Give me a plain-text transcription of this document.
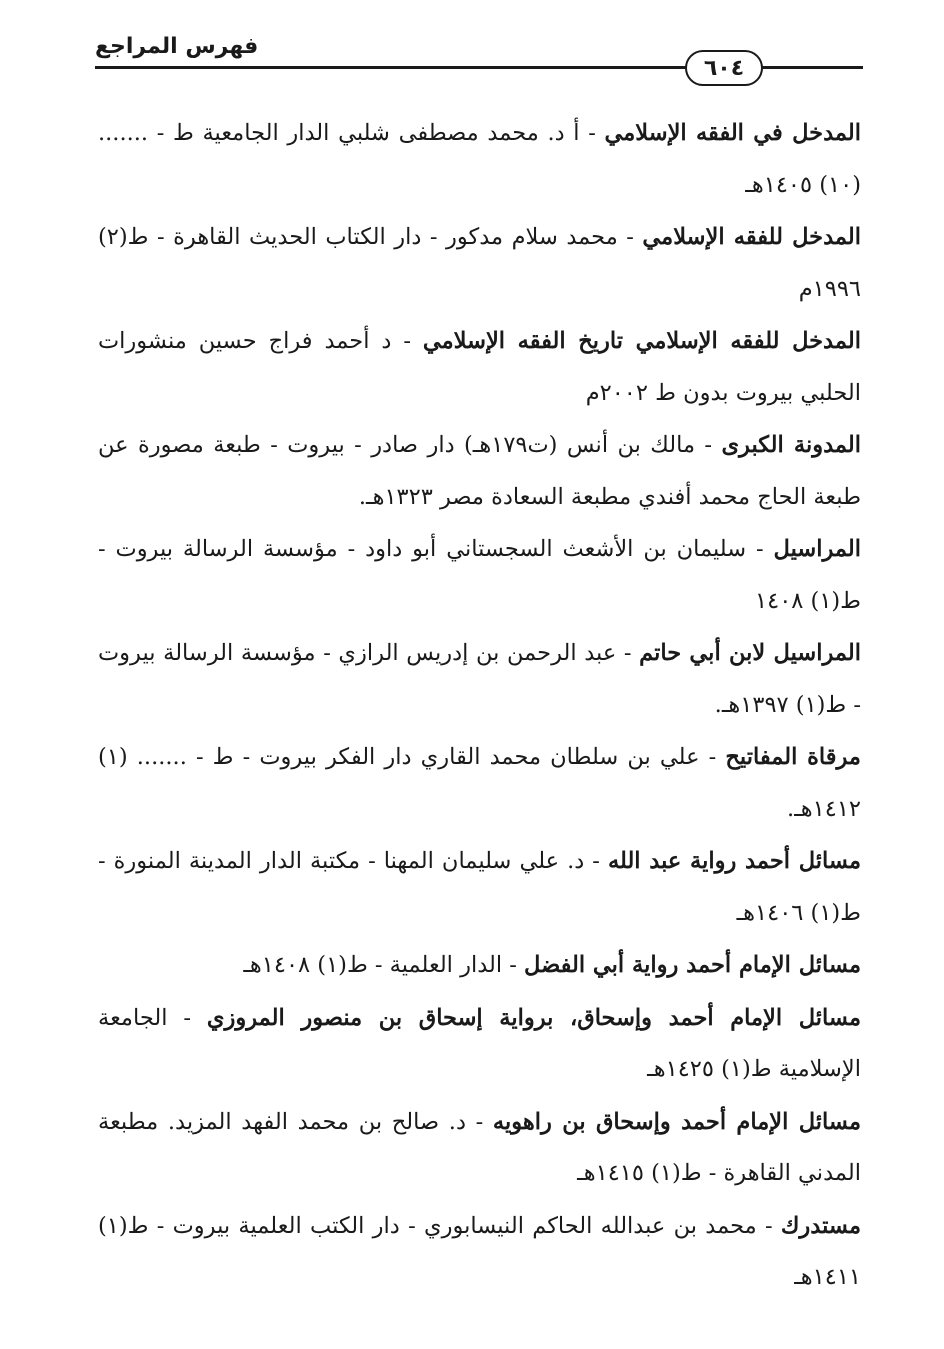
فهرس المراجع
٦٠٤
المدخل في الفقه الإسلامي - أ د. محمد مصطفى شلبي الدار الجامعية ط - ....... (١٠) ١٤٠٥هـ
المدخل للفقه الإسلامي - محمد سلام مدكور - دار الكتاب الحديث القاهرة - ط(٢) ١٩٩٦م
المدخل للفقه الإسلامي تاريخ الفقه الإسلامي - د أحمد فراج حسين منشورات الحلبي بيروت بدون ط ٢٠٠٢م
المدونة الكبرى - مالك بن أنس (ت١٧٩هـ) دار صادر - بيروت - طبعة مصورة عن طبعة الحاج محمد أفندي مطبعة السعادة مصر ١٣٢٣هـ.
المراسيل - سليمان بن الأشعث السجستاني أبو داود - مؤسسة الرسالة بيروت - ط(١) ١٤٠٨
المراسيل لابن أبي حاتم - عبد الرحمن بن إدريس الرازي - مؤسسة الرسالة بيروت - ط(١) ١٣٩٧هـ.
مرقاة المفاتيح - علي بن سلطان محمد القاري دار الفكر بيروت - ط - ....... (١) ١٤١٢هـ.
مسائل أحمد رواية عبد الله - د. علي سليمان المهنا - مكتبة الدار المدينة المنورة - ط(١) ١٤٠٦هـ
مسائل الإمام أحمد رواية أبي الفضل - الدار العلمية - ط(١) ١٤٠٨هـ
مسائل الإمام أحمد وإسحاق، برواية إسحاق بن منصور المروزي - الجامعة الإسلامية ط(١) ١٤٢٥هـ
مسائل الإمام أحمد وإسحاق بن راهويه - د. صالح بن محمد الفهد المزيد. مطبعة المدني القاهرة - ط(١) ١٤١٥هـ
مستدرك - محمد بن عبدالله الحاكم النيسابوري - دار الكتب العلمية بيروت - ط(١) ١٤١١هـ
